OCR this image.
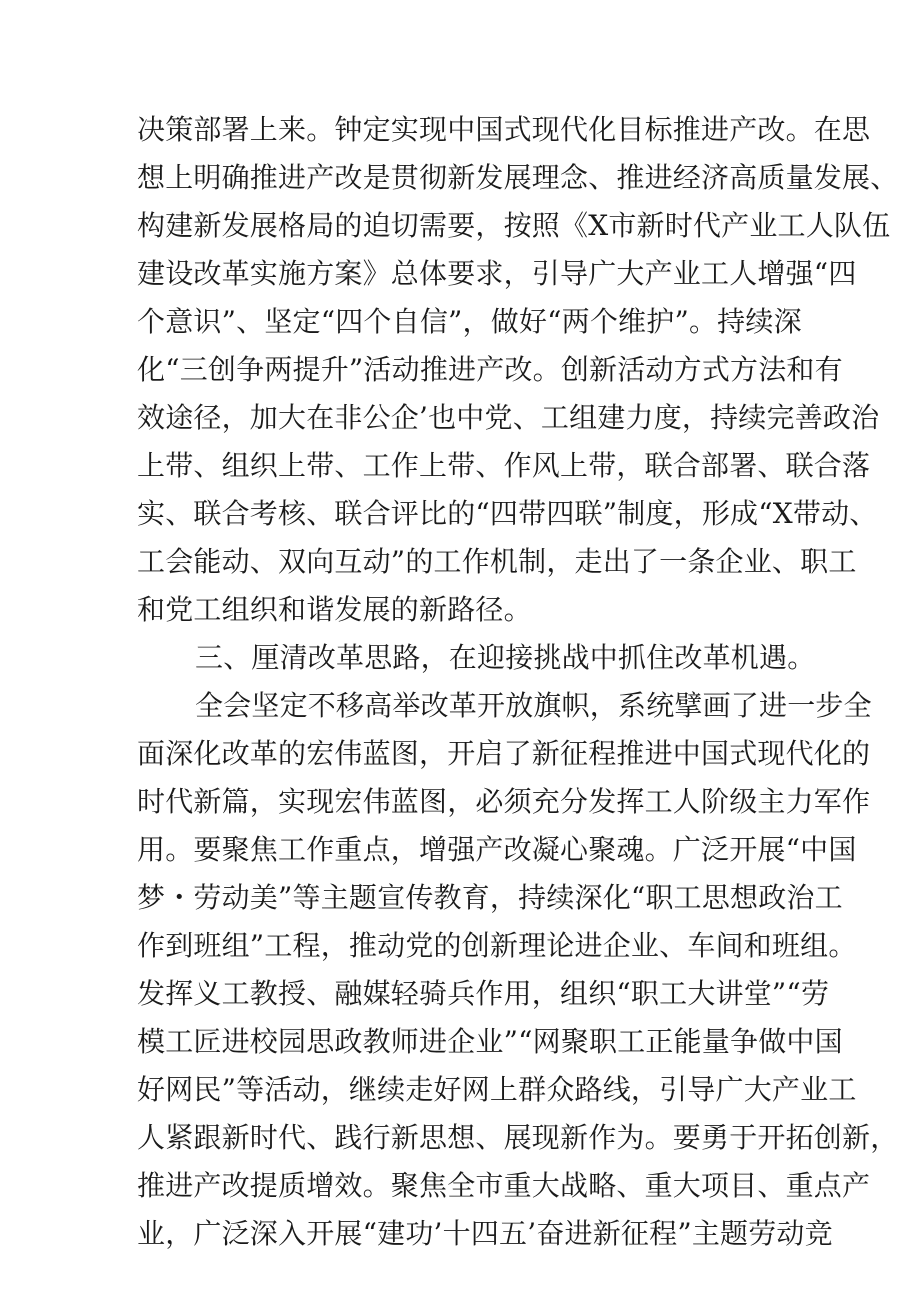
决策部署上来。钟定实现中国式现代化目标推进产改。在思
想上明确推进产改是贯彻新发展理念、推进经济高质量发展、
构建新发展格局的迫切需要，按照《X市新时代产业工人队伍
建设改革实施方案》总体要求，引导广大产业工人增强“四
个意识”、坚定“四个自信”，做好“两个维护”。持续深
化“三创争两提升”活动推进产改。创新活动方式方法和有
效途径，加大在非公企’也中党、工组建力度，持续完善政治
上带、组织上带、工作上带、作风上带，联合部署、联合落
实、联合考核、联合评比的“四带四联”制度，形成“X带动、
工会能动、双向互动”的工作机制，走出了一条企业、职工
和党工组织和谐发展的新路径。
三、厘清改革思路，在迎接挑战中抓住改革机遇。
全会坚定不移高举改革开放旗帜，系统擘画了进一步全
面深化改革的宏伟蓝图，开启了新征程推进中国式现代化的
时代新篇，实现宏伟蓝图，必须充分发挥工人阶级主力军作
用。要聚焦工作重点，增强产改凝心聚魂。广泛开展“中国
梦・劳动美”等主题宣传教育，持续深化“职工思想政治工
作到班组”工程，推动党的创新理论进企业、车间和班组。
发挥义工教授、融媒轻骑兵作用，组织“职工大讲堂”“劳
模工匠进校园思政教师进企业”“网聚职工正能量争做中国
好网民”等活动，继续走好网上群众路线，引导广大产业工
人紧跟新时代、践行新思想、展现新作为。要勇于开拓创新，
推进产改提质增效。聚焦全市重大战略、重大项目、重点产
业，广泛深入开展“建功’十四五’奋进新征程”主题劳动竞
